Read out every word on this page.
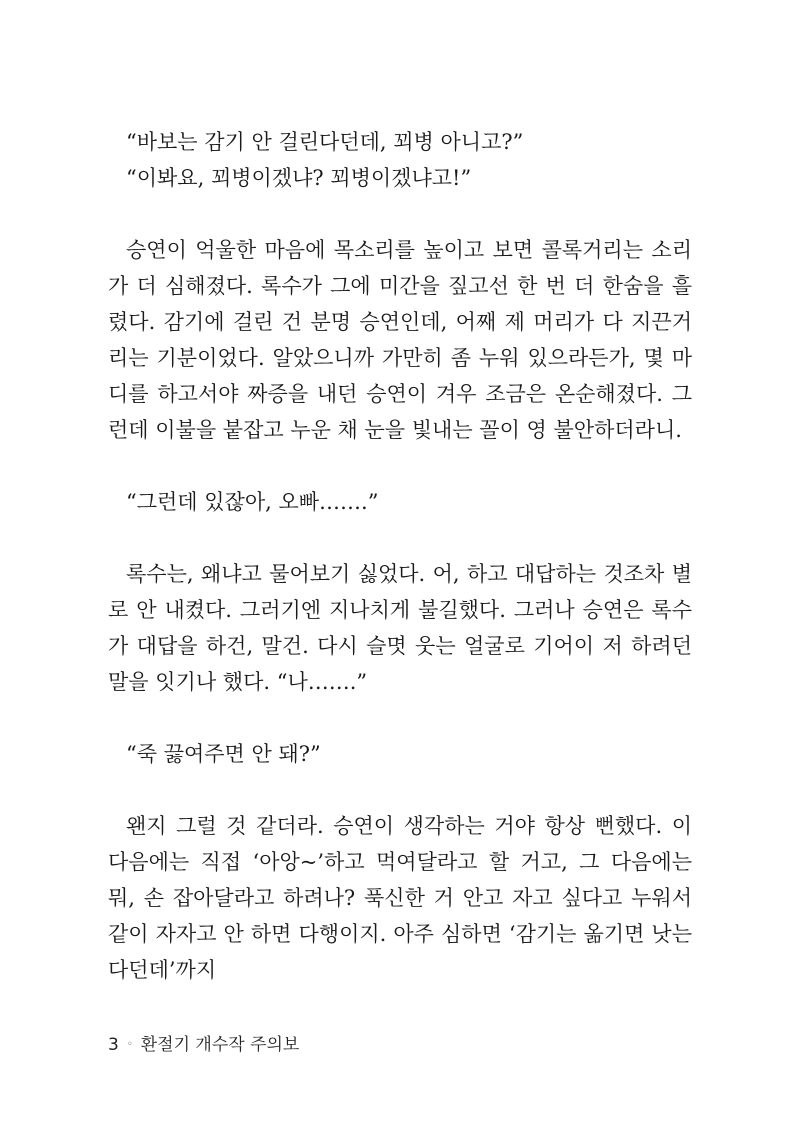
“바보는 감기 안 걸린다던데, 꾀병 아니고?”

“이봐요, 꾀병이겠냐? 꾀병이겠냐고!”

승연이 억울한 마음에 목소리를 높이고 보면 콜록거리는 소리가 더 심해졌다. 록수가 그에 미간을 짚고선 한 번 더 한숨을 흘렸다. 감기에 걸린 건 분명 승연인데, 어째 제 머리가 다 지끈거리는 기분이었다. 알았으니까 가만히 좀 누워 있으라든가, 몇 마디를 하고서야 짜증을 내던 승연이 겨우 조금은 온순해졌다. 그런데 이불을 붙잡고 누운 채 눈을 빛내는 꼴이 영 불안하더라니.

“그런데 있잖아, 오빠…….”

록수는, 왜냐고 물어보기 싫었다. 어, 하고 대답하는 것조차 별로 안 내켰다. 그러기엔 지나치게 불길했다. 그러나 승연은 록수가 대답을 하건, 말건. 다시 슬몃 웃는 얼굴로 기어이 저 하려던 말을 잇기나 했다. “나…….”

“죽 끓여주면 안 돼?”

왠지 그럴 것 같더라. 승연이 생각하는 거야 항상 뻔했다. 이 다음에는 직접 ‘아앙~’하고 먹여달라고 할 거고, 그 다음에는 뭐, 손 잡아달라고 하려나? 푹신한 거 안고 자고 싶다고 누워서 같이 자자고 안 하면 다행이지. 아주 심하면 ‘감기는 옮기면 낫는다던데’까지

3 ◦ 환절기 개수작 주의보
